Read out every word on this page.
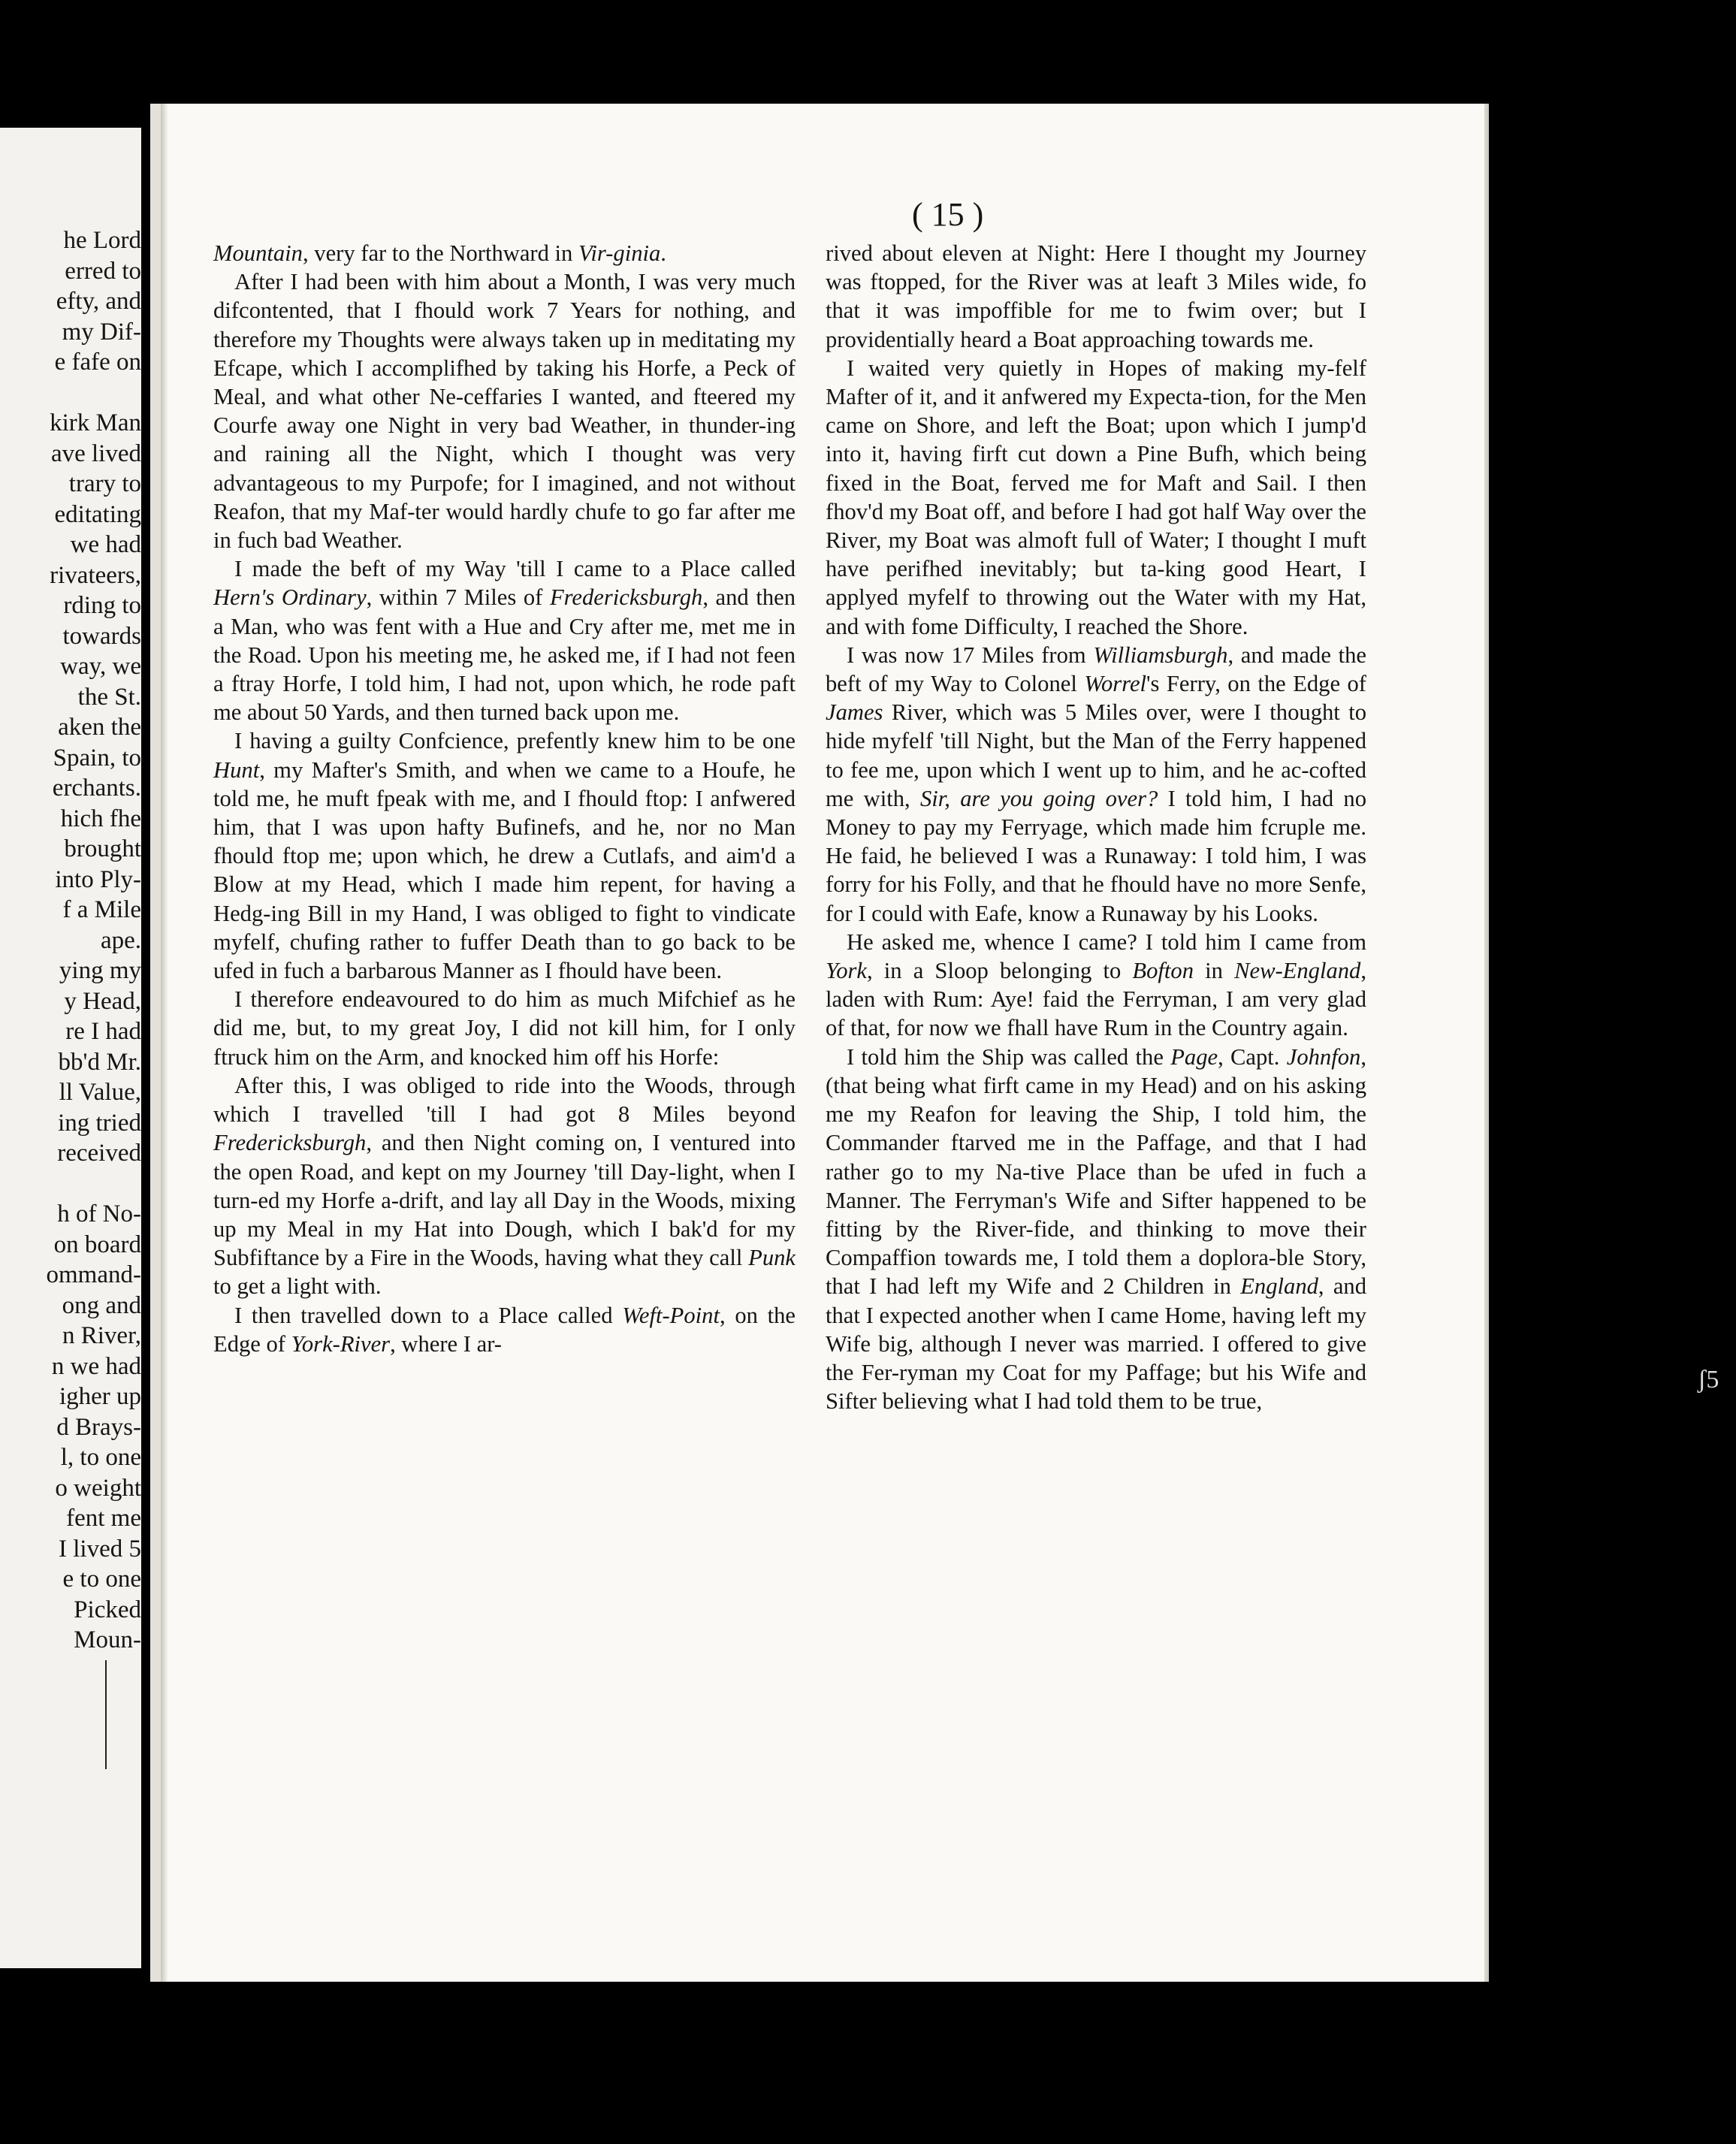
he Lord
erred to
efty, and
my Dif-
e fafe on
kirk Man
ave lived
trary to
editating
we had
rivateers,
rding to
towards
way, we
the St.
aken the
Spain, to
erchants.
hich fhe
brought
into Ply-
f a Mile
ape.
ying my
y Head,
re I had
bb'd Mr.
ll Value,
ing tried
received
h of No-
on board
ommand-
ong and
n River,
n we had
igher up
d Brays-
l, to one
o weight
fent me
I lived 5
e to one
Picked
Moun-
( 15 )

Mountain, very far to the Northward in Vir-ginia.

After I had been with him about a Month, I was very much difcontented, that I fhould work 7 Years for nothing, and therefore my Thoughts were always taken up in meditating my Efcape, which I accomplifhed by taking his Horfe, a Peck of Meal, and what other Ne-ceffaries I wanted, and fteered my Courfe away one Night in very bad Weather, in thunder-ing and raining all the Night, which I thought was very advantageous to my Purpofe; for I imagined, and not without Reafon, that my Maf-ter would hardly chufe to go far after me in fuch bad Weather.

I made the beft of my Way 'till I came to a Place called Hern's Ordinary, within 7 Miles of Fredericksburgh, and then a Man, who was fent with a Hue and Cry after me, met me in the Road. Upon his meeting me, he asked me, if I had not feen a ftray Horfe, I told him, I had not, upon which, he rode paft me about 50 Yards, and then turned back upon me.

I having a guilty Confcience, prefently knew him to be one Hunt, my Mafter's Smith, and when we came to a Houfe, he told me, he muft fpeak with me, and I fhould ftop: I anfwered him, that I was upon hafty Bufinefs, and he, nor no Man fhould ftop me; upon which, he drew a Cutlafs, and aim'd a Blow at my Head, which I made him repent, for having a Hedg-ing Bill in my Hand, I was obliged to fight to vindicate myfelf, chufing rather to fuffer Death than to go back to be ufed in fuch a barbarous Manner as I fhould have been.

I therefore endeavoured to do him as much Mifchief as he did me, but, to my great Joy, I did not kill him, for I only ftruck him on the Arm, and knocked him off his Horfe:

After this, I was obliged to ride into the Woods, through which I travelled 'till I had got 8 Miles beyond Fredericksburgh, and then Night coming on, I ventured into the open Road, and kept on my Journey 'till Day-light, when I turn-ed my Horfe a-drift, and lay all Day in the Woods, mixing up my Meal in my Hat into Dough, which I bak'd for my Subfiftance by a Fire in the Woods, having what they call Punk to get a light with.

I then travelled down to a Place called Weft-Point, on the Edge of York-River, where I ar-

rived about eleven at Night: Here I thought my Journey was ftopped, for the River was at leaft 3 Miles wide, fo that it was impoffible for me to fwim over; but I providentially heard a Boat approaching towards me.

I waited very quietly in Hopes of making my-felf Mafter of it, and it anfwered my Expecta-tion, for the Men came on Shore, and left the Boat; upon which I jump'd into it, having firft cut down a Pine Bufh, which being fixed in the Boat, ferved me for Maft and Sail. I then fhov'd my Boat off, and before I had got half Way over the River, my Boat was almoft full of Water; I thought I muft have perifhed inevitably; but ta-king good Heart, I applyed myfelf to throwing out the Water with my Hat, and with fome Difficulty, I reached the Shore.

I was now 17 Miles from Williamsburgh, and made the beft of my Way to Colonel Worrel's Ferry, on the Edge of James River, which was 5 Miles over, were I thought to hide myfelf 'till Night, but the Man of the Ferry happened to fee me, upon which I went up to him, and he ac-cofted me with, Sir, are you going over? I told him, I had no Money to pay my Ferryage, which made him fcruple me. He faid, he believed I was a Runaway: I told him, I was forry for his Folly, and that he fhould have no more Senfe, for I could with Eafe, know a Runaway by his Looks.

He asked me, whence I came? I told him I came from York, in a Sloop belonging to Bofton in New-England, laden with Rum: Aye! faid the Ferryman, I am very glad of that, for now we fhall have Rum in the Country again.

I told him the Ship was called the Page, Capt. Johnfon, (that being what firft came in my Head) and on his asking me my Reafon for leaving the Ship, I told him, the Commander ftarved me in the Paffage, and that I had rather go to my Na-tive Place than be ufed in fuch a Manner. The Ferryman's Wife and Sifter happened to be fitting by the River-fide, and thinking to move their Compaffion towards me, I told them a doplora-ble Story, that I had left my Wife and 2 Children in England, and that I expected another when I came Home, having left my Wife big, although I never was married. I offered to give the Fer-ryman my Coat for my Paffage; but his Wife and Sifter believing what I had told them to be true,

ʃ5
